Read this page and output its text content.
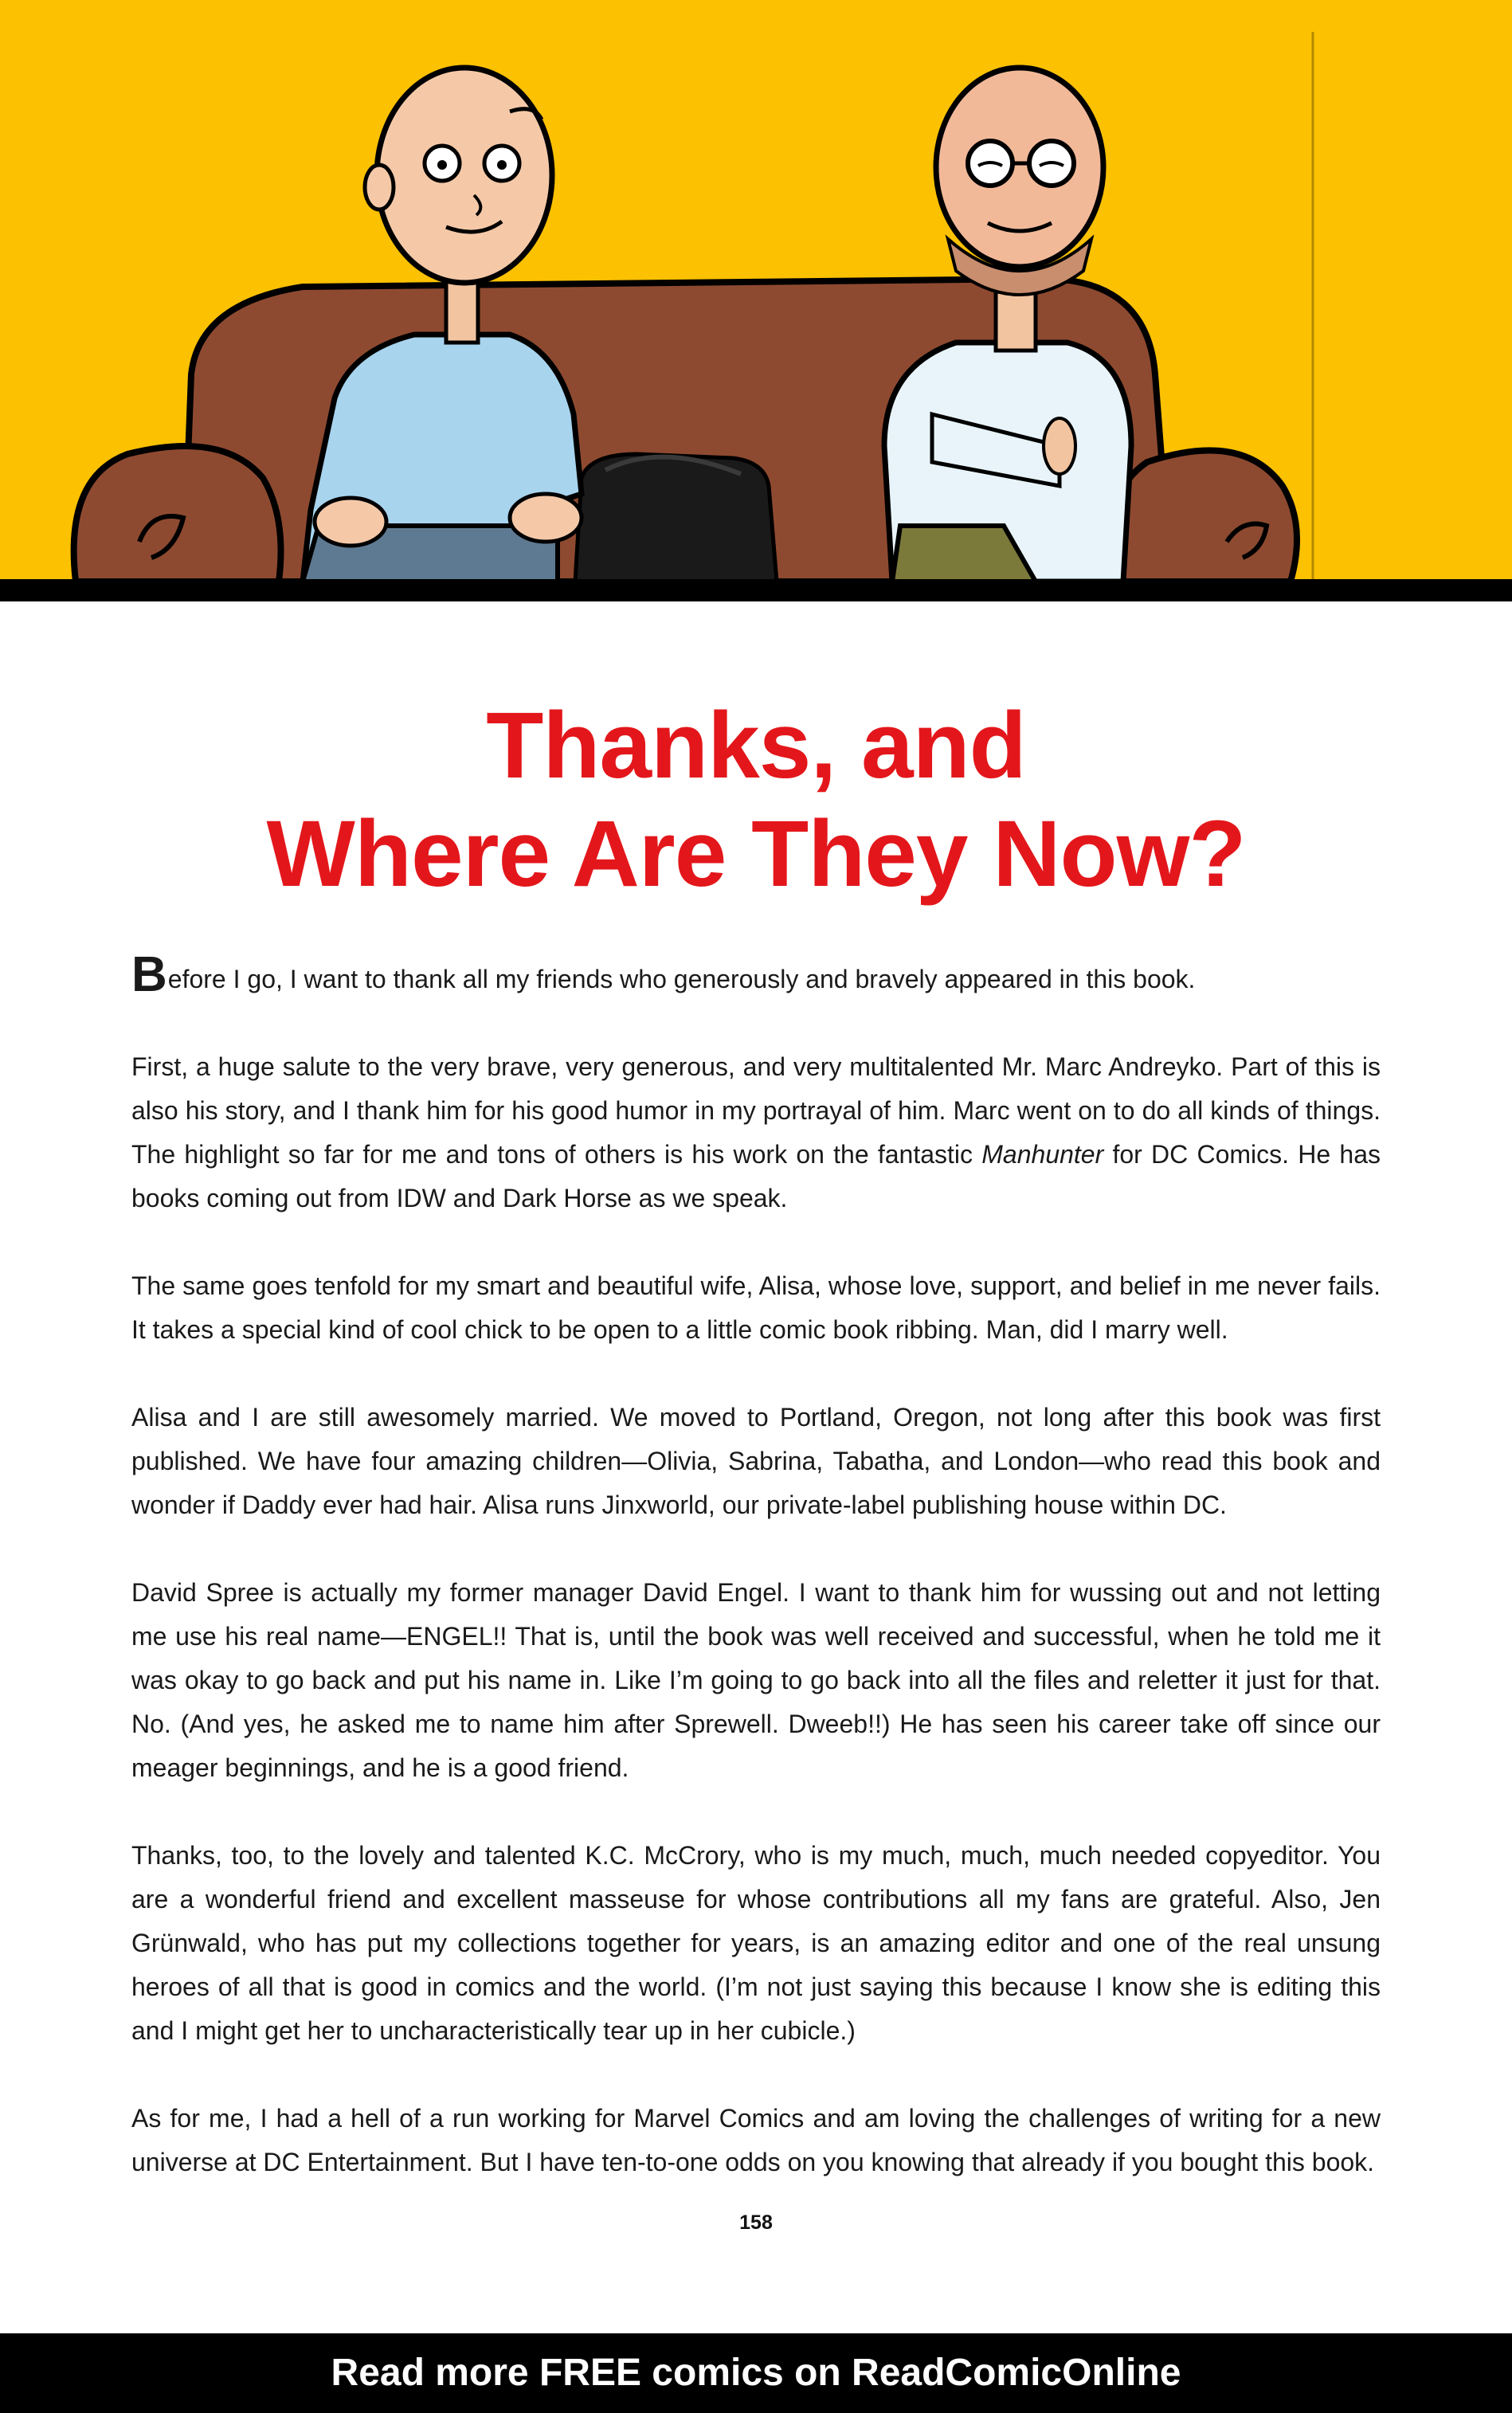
Thanks, and
Where Are They Now?

Before I go, I want to thank all my friends who generously and bravely appeared in this book.

First, a huge salute to the very brave, very generous, and very multitalented Mr. Marc Andreyko. Part of this is also his story, and I thank him for his good humor in my portrayal of him. Marc went on to do all kinds of things. The highlight so far for me and tons of others is his work on the fantastic Manhunter for DC Comics. He has books coming out from IDW and Dark Horse as we speak.

The same goes tenfold for my smart and beautiful wife, Alisa, whose love, support, and belief in me never fails. It takes a special kind of cool chick to be open to a little comic book ribbing. Man, did I marry well.

Alisa and I are still awesomely married. We moved to Portland, Oregon, not long after this book was first published. We have four amazing children—Olivia, Sabrina, Tabatha, and London—who read this book and wonder if Daddy ever had hair. Alisa runs Jinxworld, our private-label publishing house within DC.

David Spree is actually my former manager David Engel. I want to thank him for wussing out and not letting me use his real name—ENGEL!! That is, until the book was well received and successful, when he told me it was okay to go back and put his name in. Like I’m going to go back into all the files and reletter it just for that. No. (And yes, he asked me to name him after Sprewell. Dweeb!!) He has seen his career take off since our meager beginnings, and he is a good friend.

Thanks, too, to the lovely and talented K.C. McCrory, who is my much, much, much needed copyeditor. You are a wonderful friend and excellent masseuse for whose contributions all my fans are grateful. Also, Jen Grünwald, who has put my collections together for years, is an amazing editor and one of the real unsung heroes of all that is good in comics and the world. (I’m not just saying this because I know she is editing this and I might get her to uncharacteristically tear up in her cubicle.)

As for me, I had a hell of a run working for Marvel Comics and am loving the challenges of writing for a new universe at DC Entertainment. But I have ten-to-one odds on you knowing that already if you bought this book.

158
Read more FREE comics on ReadComicOnline
